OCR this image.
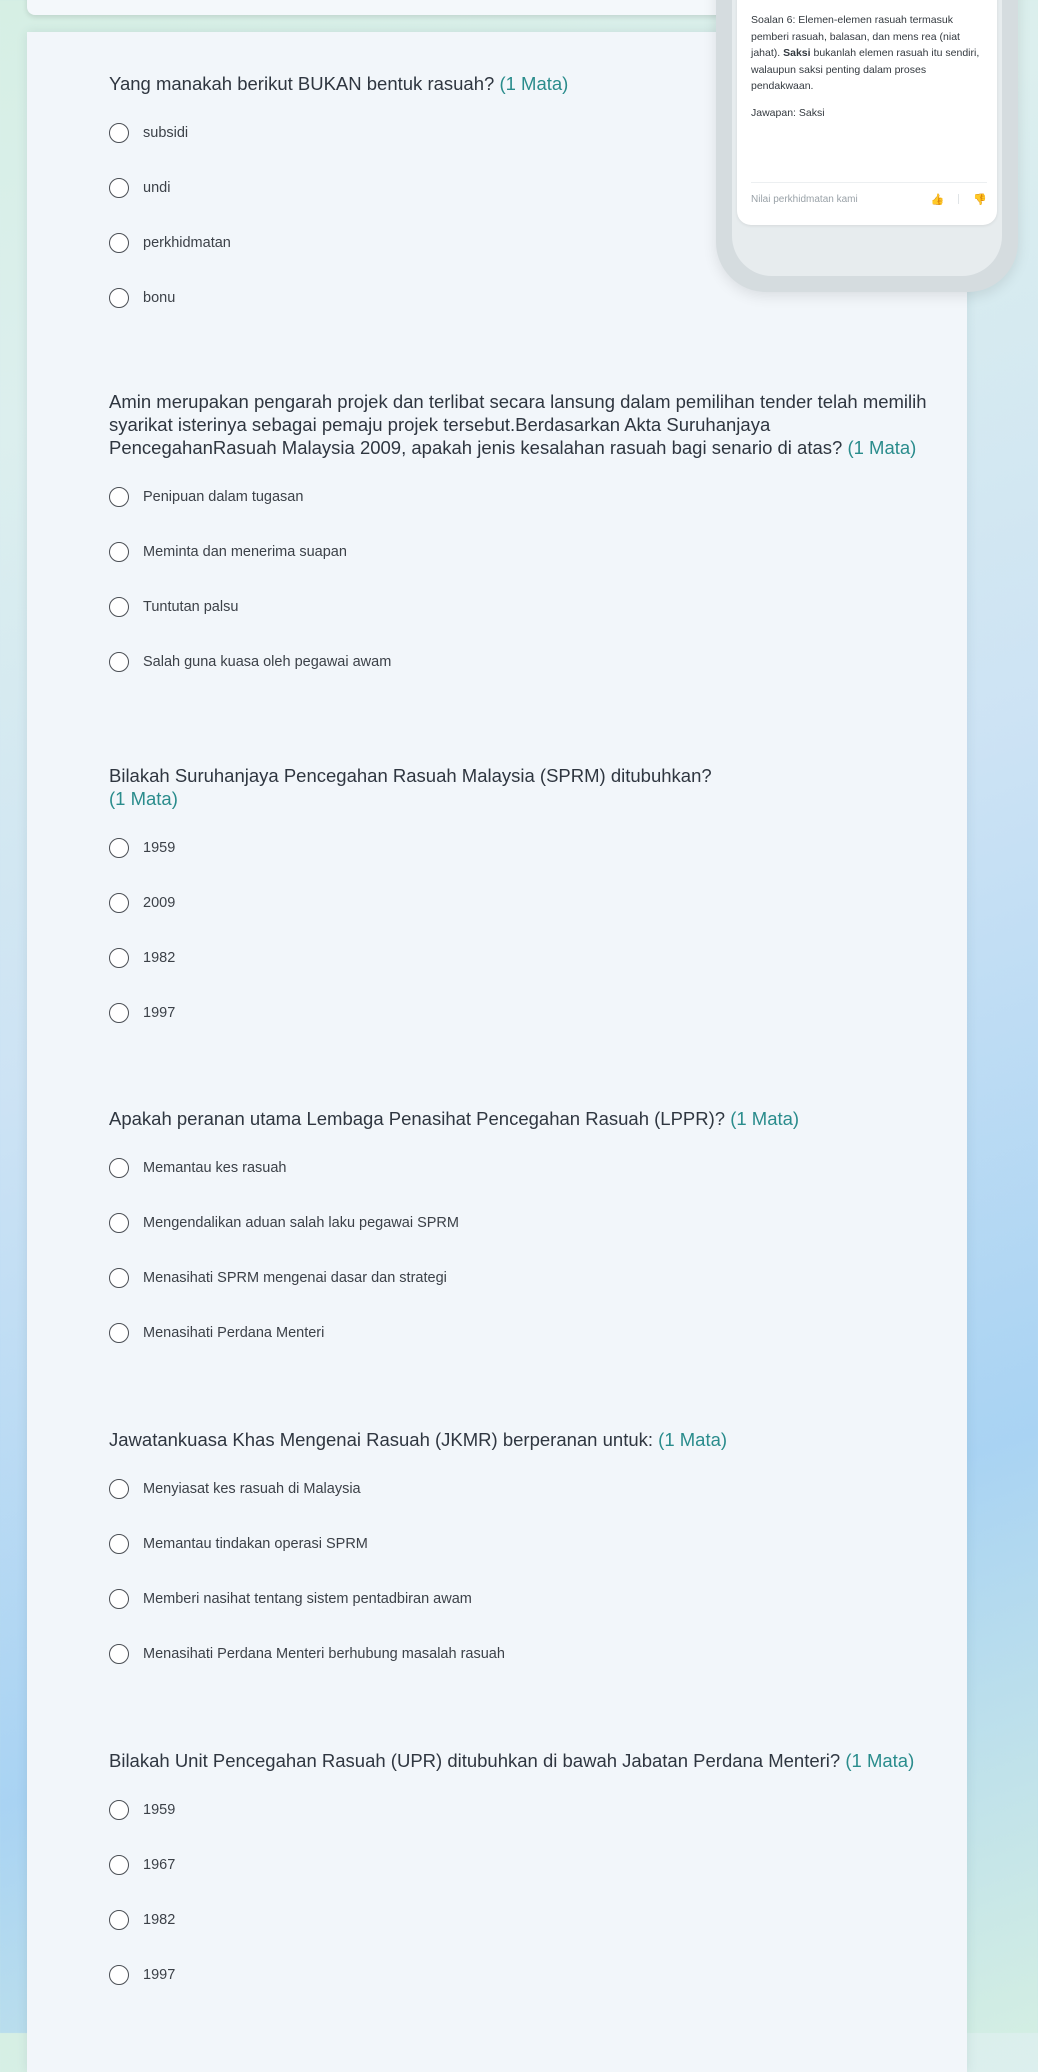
Yang manakah berikut BUKAN bentuk rasuah? (1 Mata)

subsidi
undi
perkhidmatan
bonu

Amin merupakan pengarah projek dan terlibat secara lansung dalam pemilihan tender telah memilih
syarikat isterinya sebagai pemaju projek tersebut.Berdasarkan Akta Suruhanjaya
PencegahanRasuah Malaysia 2009, apakah jenis kesalahan rasuah bagi senario di atas? (1 Mata)

Penipuan dalam tugasan
Meminta dan menerima suapan
Tuntutan palsu
Salah guna kuasa oleh pegawai awam

Bilakah Suruhanjaya Pencegahan Rasuah Malaysia (SPRM) ditubuhkan?
(1 Mata)

1959
2009
1982
1997

Apakah peranan utama Lembaga Penasihat Pencegahan Rasuah (LPPR)? (1 Mata)

Memantau kes rasuah
Mengendalikan aduan salah laku pegawai SPRM
Menasihati SPRM mengenai dasar dan strategi
Menasihati Perdana Menteri

Jawatankuasa Khas Mengenai Rasuah (JKMR) berperanan untuk: (1 Mata)

Menyiasat kes rasuah di Malaysia
Memantau tindakan operasi SPRM
Memberi nasihat tentang sistem pentadbiran awam
Menasihati Perdana Menteri berhubung masalah rasuah

Bilakah Unit Pencegahan Rasuah (UPR) ditubuhkan di bawah Jabatan Perdana Menteri? (1 Mata)

1959
1967
1982
1997

Soalan 6: Elemen-elemen rasuah termasuk pemberi rasuah, balasan, dan mens rea (niat jahat). Saksi bukanlah elemen rasuah itu sendiri, walaupun saksi penting dalam proses pendakwaan.

Jawapan: Saksi

Nilai perkhidmatan kami	👍	👎
